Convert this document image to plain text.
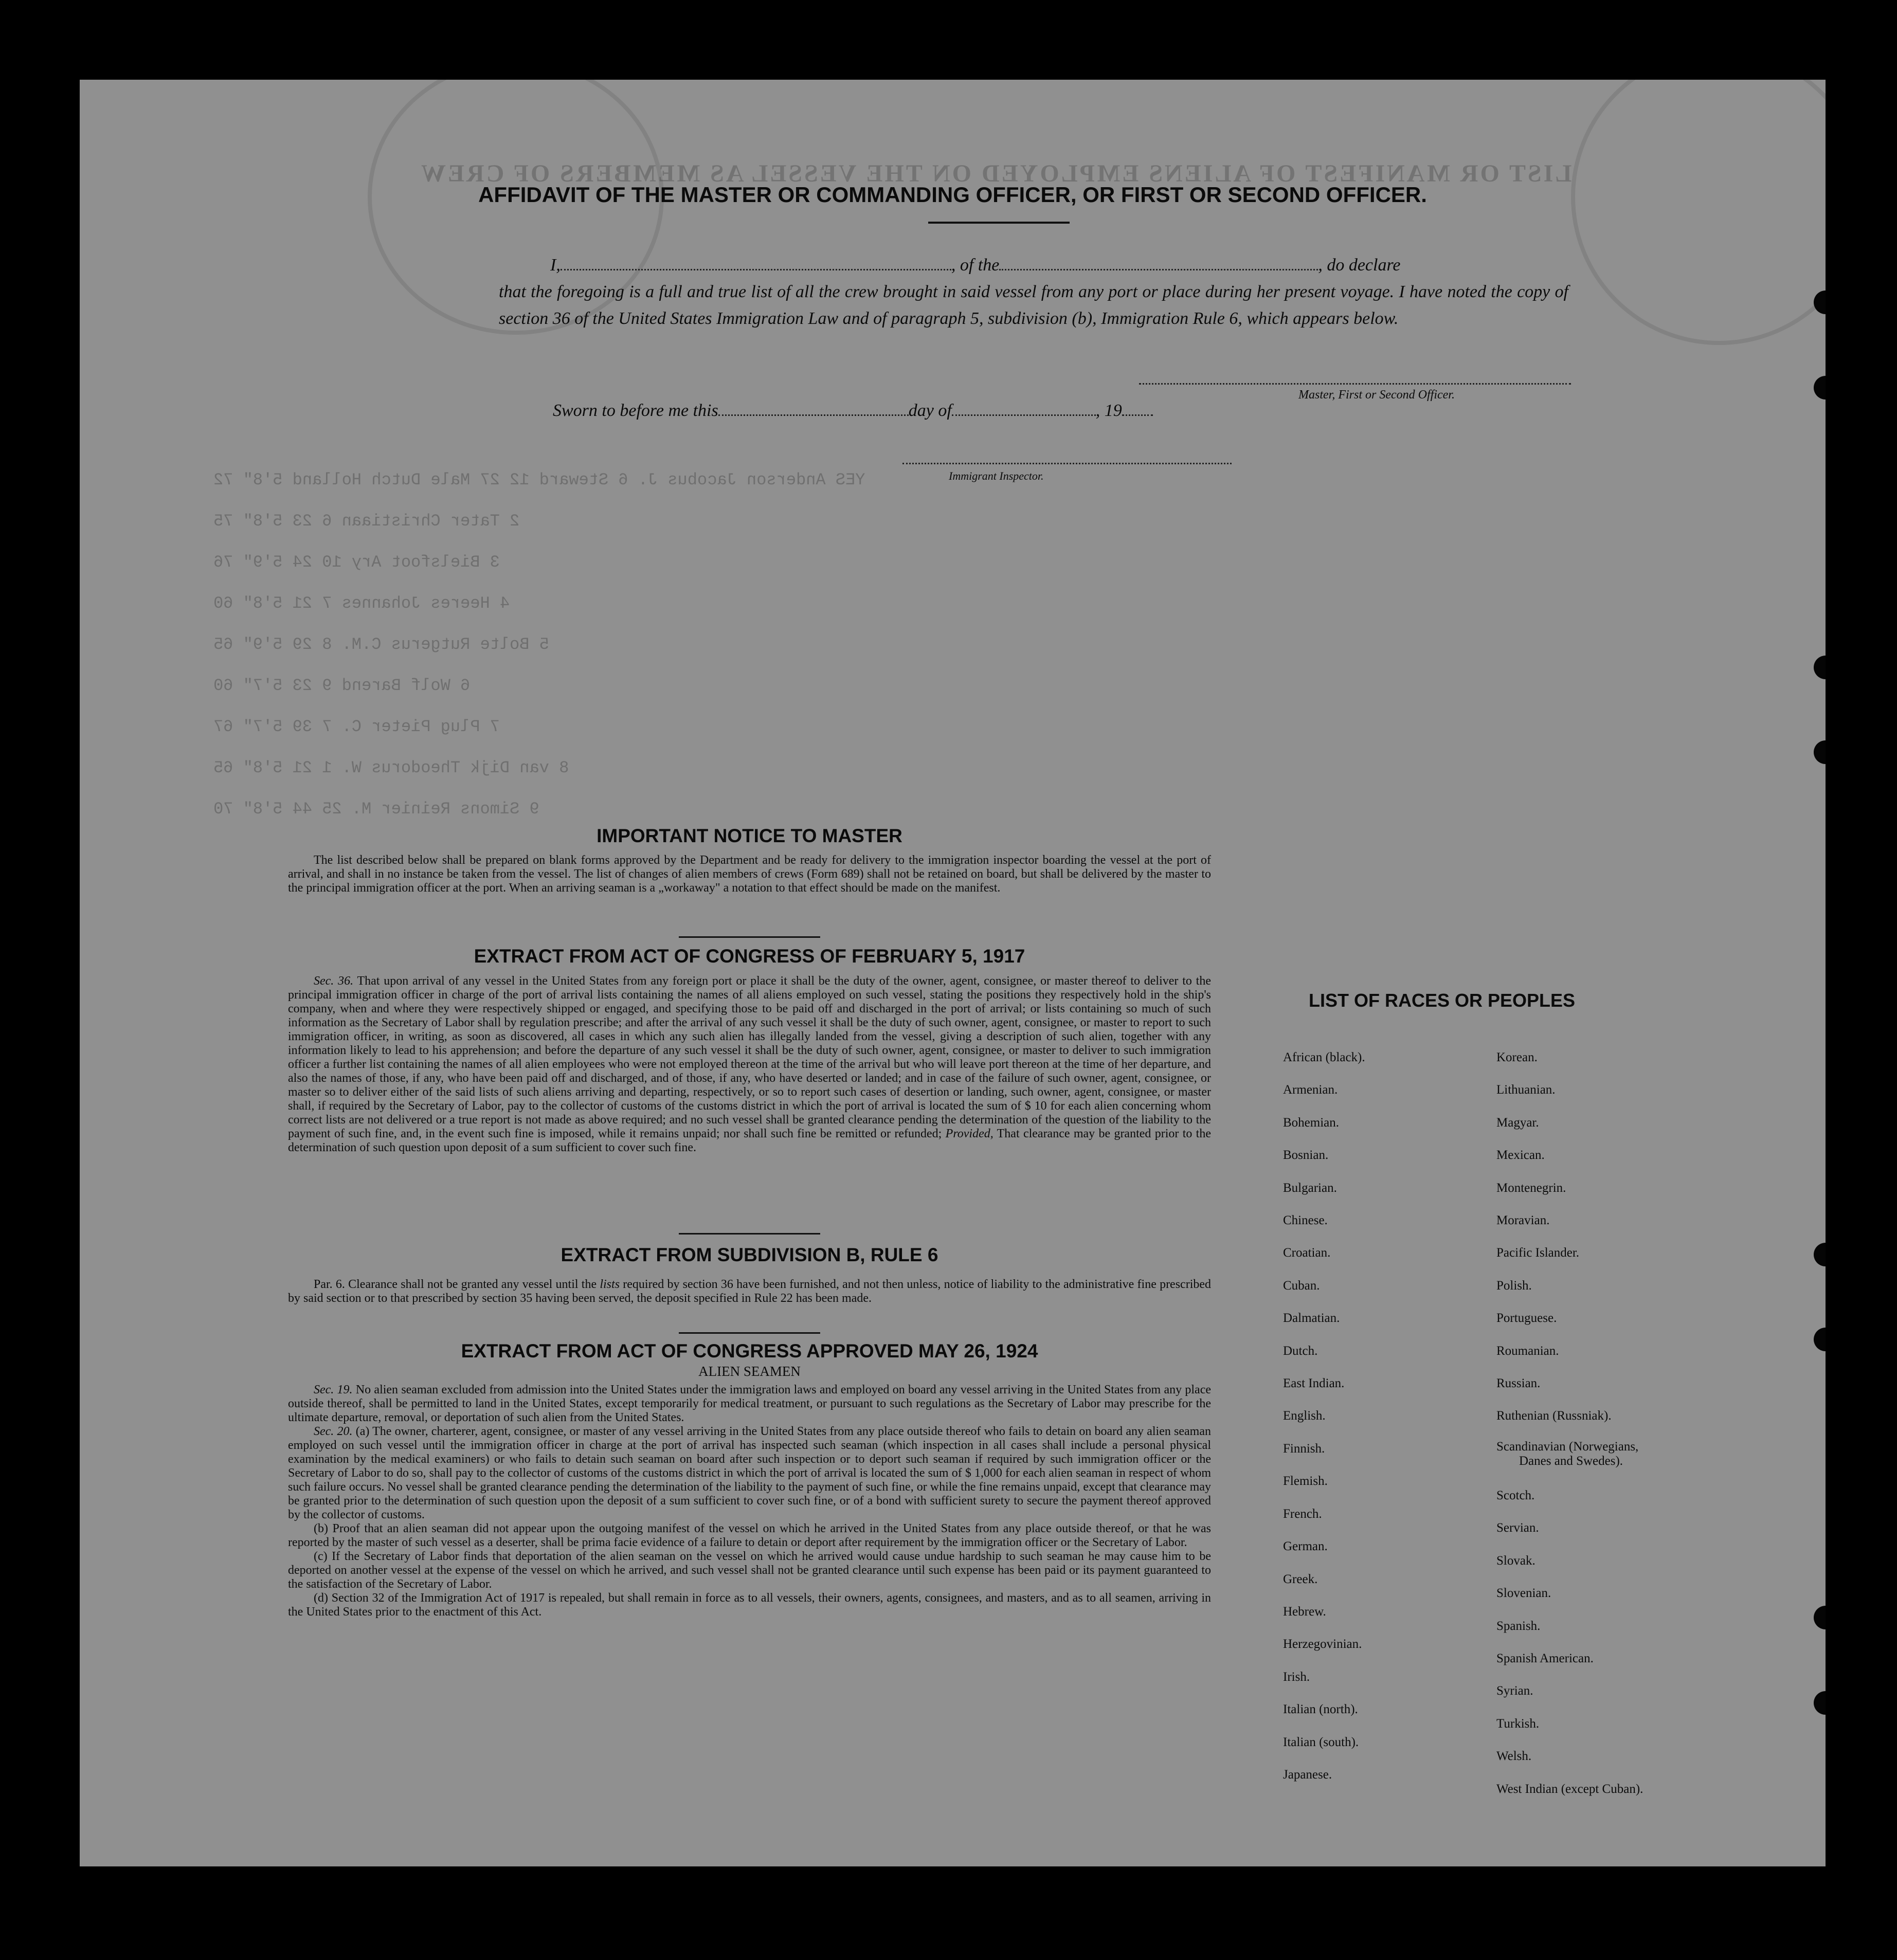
LIST OR MANIFEST OF ALIENS EMPLOYED ON THE VESSEL AS MEMBERS OF CREW
YES Anderson Jacobus J. 6 Steward 12 27 Male Dutch Holland 5'8" 72
2 Tater Christiaan 6 23 5'8" 75
3 Bielsfoot Ary 10 24 5'9" 76
4 Heeres Johannes 7 21 5'8" 60
5 Bolte Rutgerus C.M. 8 29 5'9" 65
6 Wolf Barend 9 23 5'7" 60
7 Plug Pieter C. 7 39 5'7" 67
8 van Dijk Theodorus W. 1 21 5'8" 65
9 Simons Reinier M. 25 44 5'8" 70
AFFIDAVIT OF THE MASTER OR COMMANDING OFFICER, OR FIRST OR SECOND OFFICER.
I,	, of the	, do declare
that the foregoing is a full and true list of all the crew brought in said vessel from any port or place during her present voyage. I have noted the copy of section 36 of the United States Immigration Law and of paragraph 5, subdivision (b), Immigration Rule 6, which appears below.
Master, First or Second Officer.
Sworn to before me this	day of	, 19
Immigrant Inspector.
IMPORTANT NOTICE TO MASTER

The list described below shall be prepared on blank forms approved by the Department and be ready for delivery to the immigration inspector boarding the vessel at the port of arrival, and shall in no instance be taken from the vessel. The list of changes of alien members of crews (Form 689) shall not be retained on board, but shall be delivered by the master to the principal immigration officer at the port. When an arriving seaman is a „workaway" a notation to that effect should be made on the manifest.

EXTRACT FROM ACT OF CONGRESS OF FEBRUARY 5, 1917

Sec. 36. That upon arrival of any vessel in the United States from any foreign port or place it shall be the duty of the owner, agent, consignee, or master thereof to deliver to the principal immigration officer in charge of the port of arrival lists containing the names of all aliens employed on such vessel, stating the positions they respectively hold in the ship's company, when and where they were respectively shipped or engaged, and specifying those to be paid off and discharged in the port of arrival; or lists containing so much of such information as the Secretary of Labor shall by regulation prescribe; and after the arrival of any such vessel it shall be the duty of such owner, agent, consignee, or master to report to such immigration officer, in writing, as soon as discovered, all cases in which any such alien has illegally landed from the vessel, giving a description of such alien, together with any information likely to lead to his apprehension; and before the departure of any such vessel it shall be the duty of such owner, agent, consignee, or master to deliver to such immigration officer a further list containing the names of all alien employees who were not employed thereon at the time of the arrival but who will leave port thereon at the time of her departure, and also the names of those, if any, who have been paid off and discharged, and of those, if any, who have deserted or landed; and in case of the failure of such owner, agent, consignee, or master so to deliver either of the said lists of such aliens arriving and departing, respectively, or so to report such cases of desertion or landing, such owner, agent, consignee, or master shall, if required by the Secretary of Labor, pay to the collector of customs of the customs district in which the port of arrival is located the sum of $ 10 for each alien concerning whom correct lists are not delivered or a true report is not made as above required; and no such vessel shall be granted clearance pending the determination of the question of the liability to the payment of such fine, and, in the event such fine is imposed, while it remains unpaid; nor shall such fine be remitted or refunded; Provided, That clearance may be granted prior to the determination of such question upon deposit of a sum sufficient to cover such fine.

EXTRACT FROM SUBDIVISION B, RULE 6

Par. 6. Clearance shall not be granted any vessel until the lists required by section 36 have been furnished, and not then unless, notice of liability to the administrative fine prescribed by said section or to that prescribed by section 35 having been served, the deposit specified in Rule 22 has been made.

EXTRACT FROM ACT OF CONGRESS APPROVED MAY 26, 1924
ALIEN SEAMEN

Sec. 19. No alien seaman excluded from admission into the United States under the immigration laws and employed on board any vessel arriving in the United States from any place outside thereof, shall be permitted to land in the United States, except temporarily for medical treatment, or pursuant to such regulations as the Secretary of Labor may prescribe for the ultimate departure, removal, or deportation of such alien from the United States.

Sec. 20. (a) The owner, charterer, agent, consignee, or master of any vessel arriving in the United States from any place outside thereof who fails to detain on board any alien seaman employed on such vessel until the immigration officer in charge at the port of arrival has inspected such seaman (which inspection in all cases shall include a personal physical examination by the medical examiners) or who fails to detain such seaman on board after such inspection or to deport such seaman if required by such immigration officer or the Secretary of Labor to do so, shall pay to the collector of customs of the customs district in which the port of arrival is located the sum of $ 1,000 for each alien seaman in respect of whom such failure occurs. No vessel shall be granted clearance pending the determination of the liability to the payment of such fine, or while the fine remains unpaid, except that clearance may be granted prior to the determination of such question upon the deposit of a sum sufficient to cover such fine, or of a bond with sufficient surety to secure the payment thereof approved by the collector of customs.

(b) Proof that an alien seaman did not appear upon the outgoing manifest of the vessel on which he arrived in the United States from any place outside thereof, or that he was reported by the master of such vessel as a deserter, shall be prima facie evidence of a failure to detain or deport after requirement by the immigration officer or the Secretary of Labor.

(c) If the Secretary of Labor finds that deportation of the alien seaman on the vessel on which he arrived would cause undue hardship to such seaman he may cause him to be deported on another vessel at the expense of the vessel on which he arrived, and such vessel shall not be granted clearance until such expense has been paid or its payment guaranteed to the satisfaction of the Secretary of Labor.

(d) Section 32 of the Immigration Act of 1917 is repealed, but shall remain in force as to all vessels, their owners, agents, consignees, and masters, and as to all seamen, arriving in the United States prior to the enactment of this Act.

LIST OF RACES OR PEOPLES
African (black).
Armenian.
Bohemian.
Bosnian.
Bulgarian.
Chinese.
Croatian.
Cuban.
Dalmatian.
Dutch.
East Indian.
English.
Finnish.
Flemish.
French.
German.
Greek.
Hebrew.
Herzegovinian.
Irish.
Italian (north).
Italian (south).
Japanese.
Korean.
Lithuanian.
Magyar.
Mexican.
Montenegrin.
Moravian.
Pacific Islander.
Polish.
Portuguese.
Roumanian.
Russian.
Ruthenian (Russniak).
Scandinavian (Norwegians,
Danes and Swedes).
Scotch.
Servian.
Slovak.
Slovenian.
Spanish.
Spanish American.
Syrian.
Turkish.
Welsh.
West Indian (except Cuban).
